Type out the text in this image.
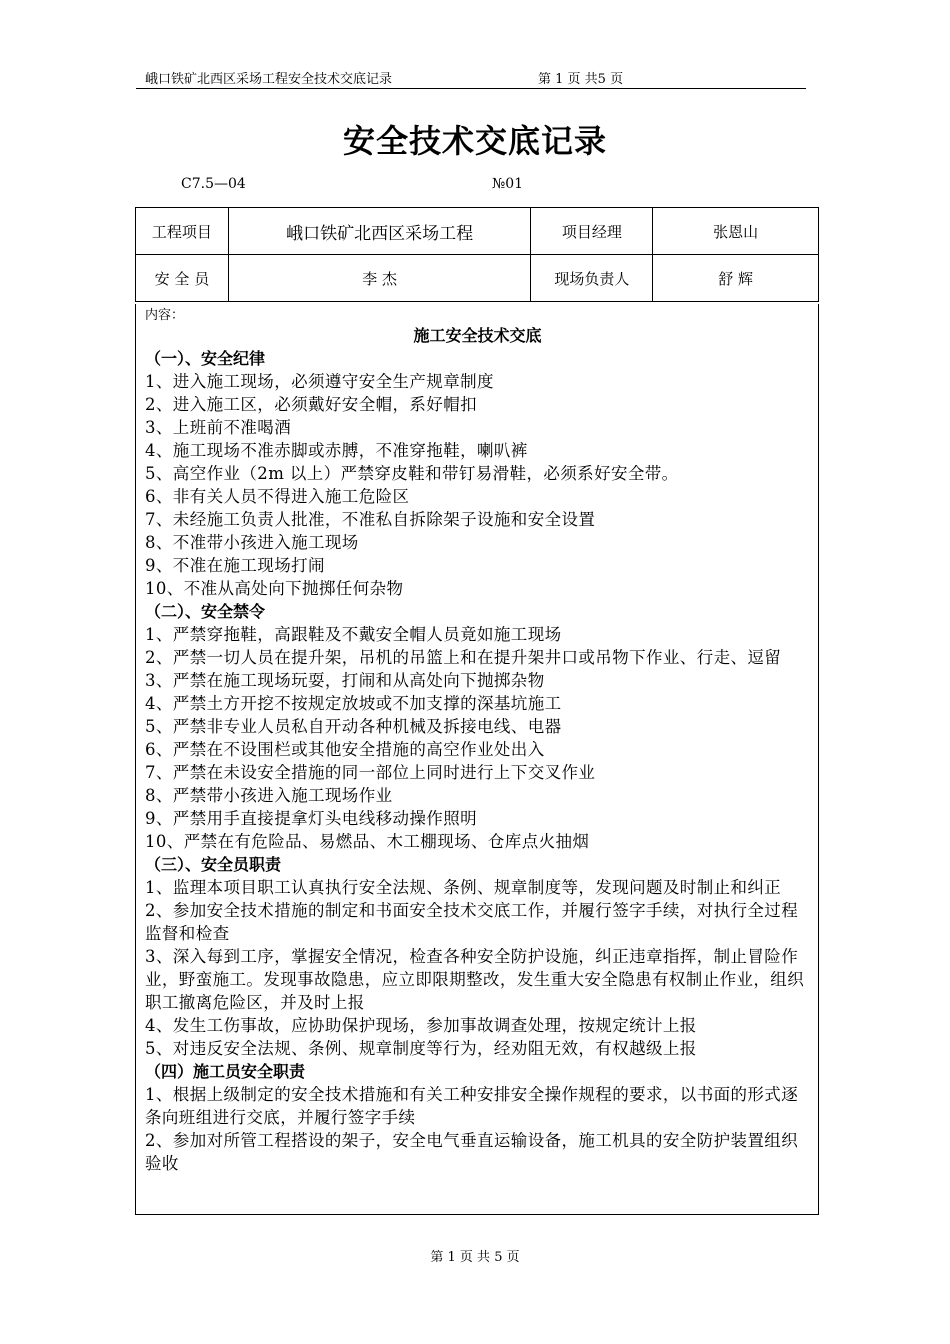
峨口铁矿北西区采场工程安全技术交底记录	第 1 页 共5 页
安全技术交底记录
C7.5—04	№01
工程项目	峨口铁矿北西区采场工程	项目经理	张恩山
安 全 员	李 杰	现场负责人	舒 辉
内容：
施工安全技术交底
（一）、安全纪律
1、进入施工现场，必须遵守安全生产规章制度
2、进入施工区，必须戴好安全帽，系好帽扣
3、上班前不准喝酒
4、施工现场不准赤脚或赤膊，不准穿拖鞋，喇叭裤
5、高空作业（2m 以上）严禁穿皮鞋和带钉易滑鞋，必须系好安全带。
6、非有关人员不得进入施工危险区
7、未经施工负责人批准，不准私自拆除架子设施和安全设置
8、不准带小孩进入施工现场
9、不准在施工现场打闹
10、不准从高处向下抛掷任何杂物
（二）、安全禁令
1、严禁穿拖鞋，高跟鞋及不戴安全帽人员竟如施工现场
2、严禁一切人员在提升架，吊机的吊篮上和在提升架井口或吊物下作业、行走、逗留
3、严禁在施工现场玩耍，打闹和从高处向下抛掷杂物
4、严禁土方开挖不按规定放坡或不加支撑的深基坑施工
5、严禁非专业人员私自开动各种机械及拆接电线、电器
6、严禁在不设围栏或其他安全措施的高空作业处出入
7、严禁在未设安全措施的同一部位上同时进行上下交叉作业
8、严禁带小孩进入施工现场作业
9、严禁用手直接提拿灯头电线移动操作照明
10、严禁在有危险品、易燃品、木工棚现场、仓库点火抽烟
（三）、安全员职责
1、监理本项目职工认真执行安全法规、条例、规章制度等，发现问题及时制止和纠正
2、参加安全技术措施的制定和书面安全技术交底工作，并履行签字手续，对执行全过程监督和检查
3、深入每到工序，掌握安全情况，检查各种安全防护设施，纠正违章指挥，制止冒险作业，野蛮施工。发现事故隐患，应立即限期整改，发生重大安全隐患有权制止作业，组织职工撤离危险区，并及时上报
4、发生工伤事故，应协助保护现场，参加事故调查处理，按规定统计上报
5、对违反安全法规、条例、规章制度等行为，经劝阻无效，有权越级上报
（四）施工员安全职责
1、根据上级制定的安全技术措施和有关工种安排安全操作规程的要求，以书面的形式逐条向班组进行交底，并履行签字手续
2、参加对所管工程搭设的架子，安全电气垂直运输设备，施工机具的安全防护装置组织验收
第 1 页 共 5 页
